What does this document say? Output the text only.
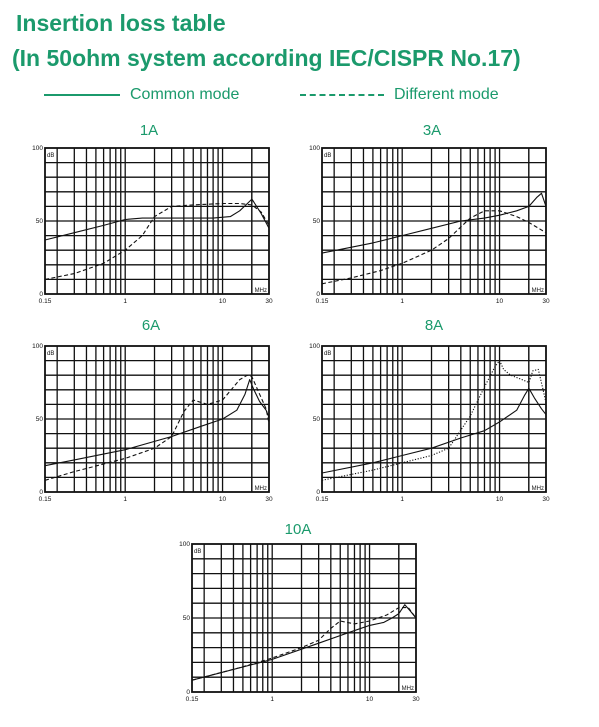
Insertion loss table
(In 50ohm system according IEC/CISPR No.17)
Common mode	Different mode
1A	3A
6A	8A
10A
dB
MHz
0
50
100
0.15	1	10	30
dB
MHz
0
50
100
0.15	1	10	30
dB
MHz
0
50
100
0.15	1	10	30
dB
MHz
0
50
100
0.15	1	10	30
dB
MHz
0
50
100
0.15	1	10	30
